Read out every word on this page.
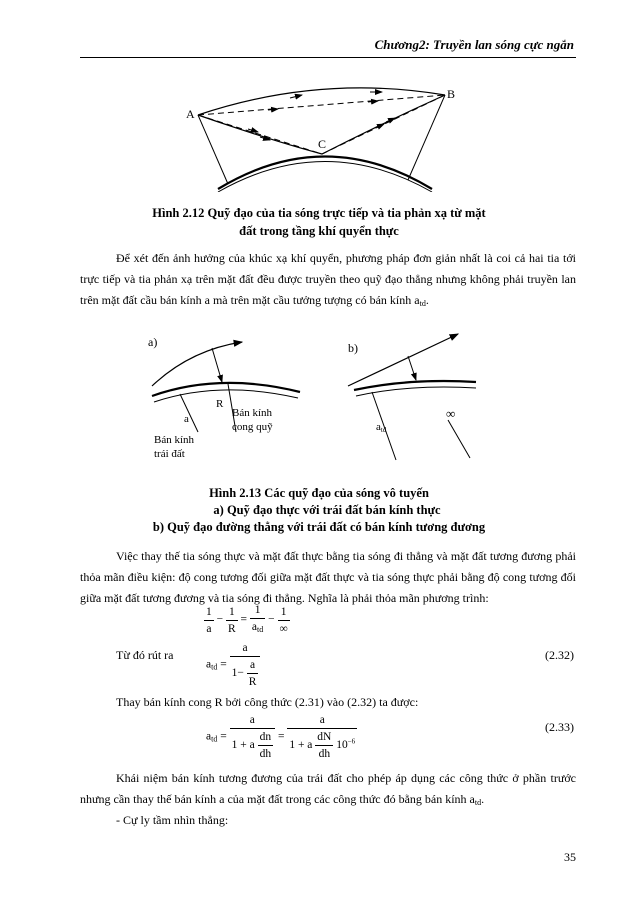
Chương2: Truyền lan sóng cực ngắn
A
B
C
Hình 2.12 Quỹ đạo của tia sóng trực tiếp và tia phản xạ từ mặt
đất trong tầng khí quyển thực
Để xét đến ảnh hưởng của khúc xạ khí quyển, phương pháp đơn giản nhất là coi cả hai tia tới trực tiếp và tia phản xạ trên mặt đất đều được truyền theo quỹ đạo thẳng nhưng không phải truyền lan trên mặt đất cầu bán kính a mà trên mặt cầu tưởng tượng có bán kính $a_{td}$.
a)	b)
a
R
Bán kính
cong quỹ
Bán kính
trái đất
atd
∞
Hình 2.13 Các quỹ đạo của sóng vô tuyến
a) Quỹ đạo thực với trái đất bán kính thực
b) Quỹ đạo đường thẳng với trái đất có bán kính tương đương
Việc thay thế tia sóng thực và mặt đất thực bằng tia sóng đi thẳng và mặt đất tương đương phải thỏa mãn điều kiện: độ cong tương đối giữa mặt đất thực và tia sóng thực phải bằng độ cong tương đối giữa mặt đất tương đương và tia sóng đi thẳng. Nghĩa là phải thỏa mãn phương trình:
$\frac{1}{a} - \frac{1}{R} = \frac{1}{a_{td}} - \frac{1}{\infty}$
Từ đó rút ra
$a_{td} = \frac{a}{1- \frac{a}{R}}$	(2.32)
Thay bán kính cong R bởi công thức (2.31) vào (2.32) ta được:
$a_{td} = \frac{a}{1 + a \frac{dn}{dh}} = \frac{a}{1 + a \frac{dN}{dh} 10^{-6}}$	(2.33)
Khái niệm bán kính tương đương của trái đất cho phép áp dụng các công thức ở phần trước nhưng cần thay thế bán kính a của mặt đất trong các công thức đó bằng bán kính $a_{td}$.
- Cự ly tầm nhìn thẳng:
35
